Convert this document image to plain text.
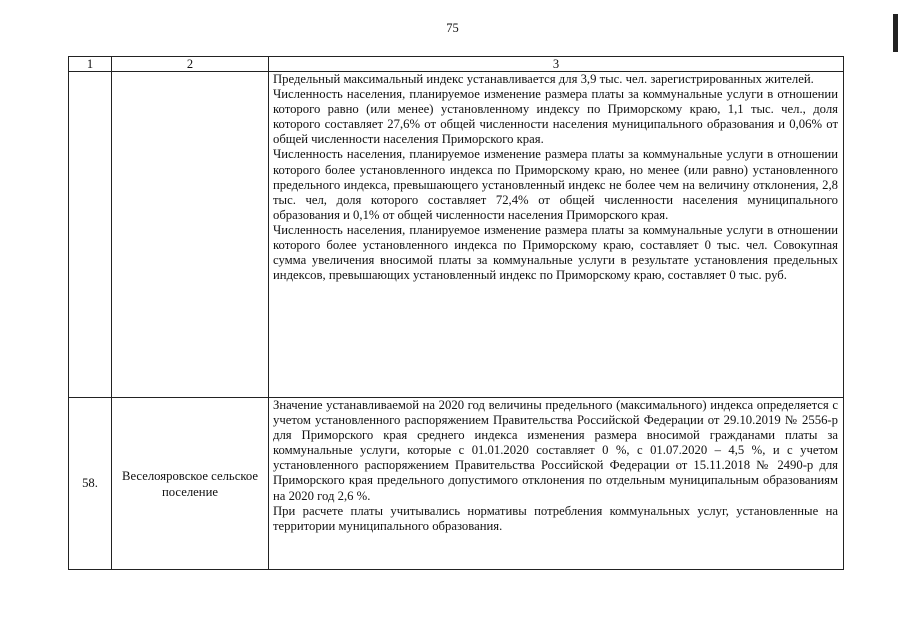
75
1	2	3

		Предельный максимальный индекс устанавливается для 3,9 тыс. чел. зарегистрированных жителей.

Численность населения, планируемое изменение размера платы за коммунальные услуги в отношении которого равно (или менее) установленному индексу по Приморскому краю, 1,1 тыс. чел., доля которого составляет 27,6% от общей численности населения муниципального образования и 0,06% от общей численности населения Приморского края.

Численность населения, планируемое изменение размера платы за коммунальные услуги в отношении которого более установленного индекса по Приморскому краю, но менее (или равно) установленного предельного индекса, превышающего установленный индекс не более чем на величину отклонения, 2,8 тыс. чел, доля которого составляет 72,4% от общей численности населения муниципального образования и 0,1% от общей численности населения Приморского края.

Численность населения, планируемое изменение размера платы за коммунальные услуги в отношении которого более установленного индекса по Приморскому краю, составляет 0 тыс. чел. Совокупная сумма увеличения вносимой платы за коммунальные услуги в результате установления предельных индексов, превышающих установленный индекс по Приморскому краю, составляет 0 тыс. руб.

58.	Веселояровское сельское поселение	Значение устанавливаемой на 2020 год величины предельного (максимального) индекса определяется с учетом установленного распоряжением Правительства Российской Федерации от 29.10.2019 № 2556-р для Приморского края среднего индекса изменения размера вносимой гражданами платы за коммунальные услуги, которые с 01.01.2020 составляет 0 %, с 01.07.2020 – 4,5 %, и с учетом установленного распоряжением Правительства Российской Федерации от 15.11.2018 № 2490-р для Приморского края предельного допустимого отклонения по отдельным муниципальным образованиям на 2020 год 2,6 %.

При расчете платы учитывались нормативы потребления коммунальных услуг, установленные на территории муниципального образования.
